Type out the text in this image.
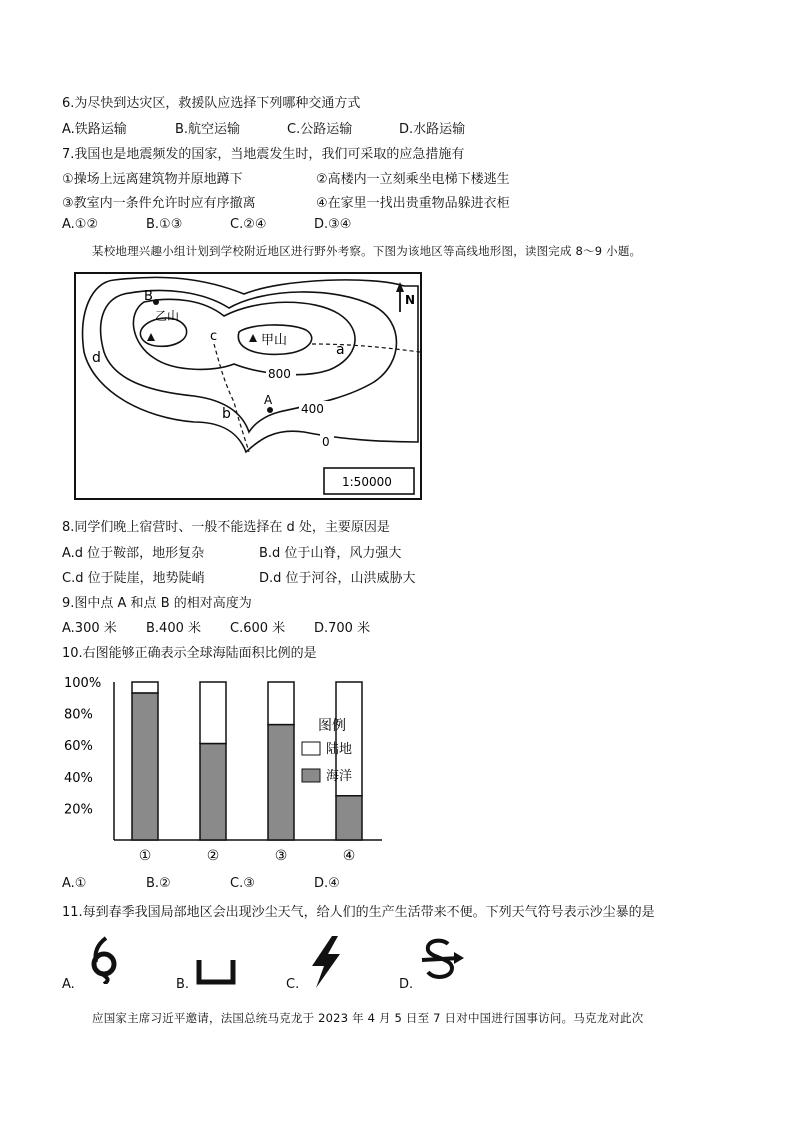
6.为尽快到达灾区，救援队应选择下列哪种交通方式
A.铁路运输	B.航空运输	C.公路运输	D.水路运输
7.我国也是地震频发的国家，当地震发生时，我们可采取的应急措施有
①操场上远离建筑物并原地蹲下	②高楼内一立刻乘坐电梯下楼逃生
③教室内一条件允许时应有序撤离	④在家里一找出贵重物品躲进衣柜
A.①②	B.①③	C.②④	D.③④
某校地理兴趣小组计划到学校附近地区进行野外考察。下图为该地区等高线地形图，读图完成 8～9 小题。
乙山
甲山
B
A
a
b
c
d
800
400
0
N
1:50000
8.同学们晚上宿营时、一般不能选择在 d 处，主要原因是
A.d 位于鞍部，地形复杂	B.d 位于山脊，风力强大
C.d 位于陡崖，地势陡峭	D.d 位于河谷，山洪威胁大
9.图中点 A 和点 B 的相对高度为
A.300 米 B.400 米 C.600 米 D.700 米
10.右图能够正确表示全球海陆面积比例的是
20%
40%
60%
80%
100%
①	②	③	④
图例
陆地
海洋
A.①	B.②	C.③	D.④
11.每到春季我国局部地区会出现沙尘天气，给人们的生产生活带来不便。下列天气符号表示沙尘暴的是
A.	B.	C.	D.
应国家主席习近平邀请，法国总统马克龙于 2023 年 4 月 5 日至 7 日对中国进行国事访问。马克龙对此次
